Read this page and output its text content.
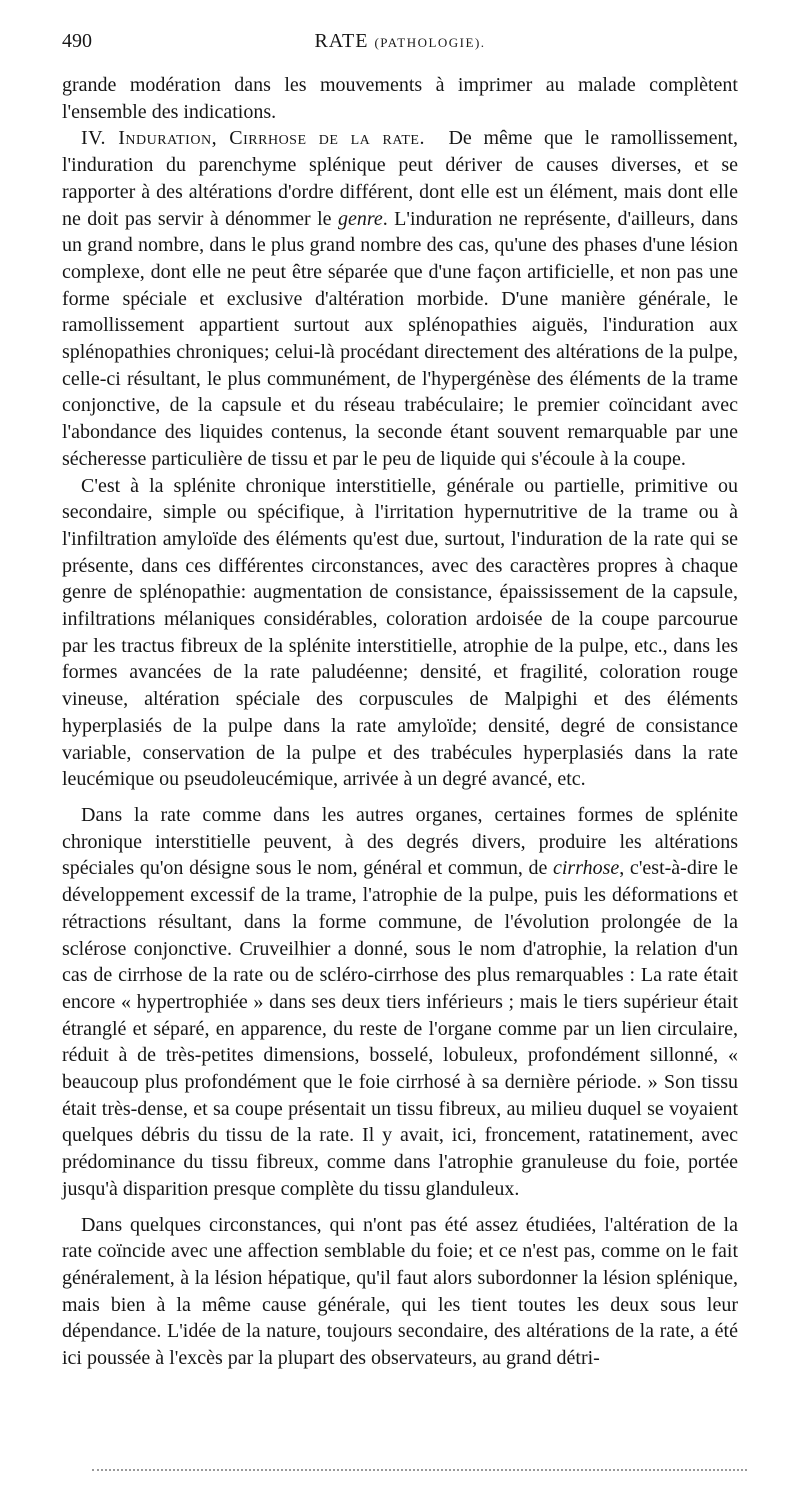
490	RATE (PATHOLOGIE).

grande modération dans les mouvements à imprimer au malade complètent l'ensemble des indications.

IV. Induration, Cirrhose de la rate. De même que le ramollissement, l'induration du parenchyme splénique peut dériver de causes diverses, et se rapporter à des altérations d'ordre différent, dont elle est un élément, mais dont elle ne doit pas servir à dénommer le genre. L'induration ne représente, d'ailleurs, dans un grand nombre, dans le plus grand nombre des cas, qu'une des phases d'une lésion complexe, dont elle ne peut être séparée que d'une façon artificielle, et non pas une forme spéciale et exclusive d'altération morbide. D'une manière générale, le ramollissement appartient surtout aux splénopathies aiguës, l'induration aux splénopathies chroniques; celui-là procédant directement des altérations de la pulpe, celle-ci résultant, le plus communément, de l'hypergénèse des éléments de la trame conjonctive, de la capsule et du réseau trabéculaire; le premier coïncidant avec l'abondance des liquides contenus, la seconde étant souvent remarquable par une sécheresse particulière de tissu et par le peu de liquide qui s'écoule à la coupe.

C'est à la splénite chronique interstitielle, générale ou partielle, primitive ou secondaire, simple ou spécifique, à l'irritation hypernutritive de la trame ou à l'infiltration amyloïde des éléments qu'est due, surtout, l'induration de la rate qui se présente, dans ces différentes circonstances, avec des caractères propres à chaque genre de splénopathie: augmentation de consistance, épaississement de la capsule, infiltrations mélaniques considérables, coloration ardoisée de la coupe parcourue par les tractus fibreux de la splénite interstitielle, atrophie de la pulpe, etc., dans les formes avancées de la rate paludéenne; densité, et fragilité, coloration rouge vineuse, altération spéciale des corpuscules de Malpighi et des éléments hyperplasiés de la pulpe dans la rate amyloïde; densité, degré de consistance variable, conservation de la pulpe et des trabécules hyperplasiés dans la rate leucémique ou pseudoleucémique, arrivée à un degré avancé, etc.

Dans la rate comme dans les autres organes, certaines formes de splénite chronique interstitielle peuvent, à des degrés divers, produire les altérations spéciales qu'on désigne sous le nom, général et commun, de cirrhose, c'est-à-dire le développement excessif de la trame, l'atrophie de la pulpe, puis les déformations et rétractions résultant, dans la forme commune, de l'évolution prolongée de la sclérose conjonctive. Cruveilhier a donné, sous le nom d'atrophie, la relation d'un cas de cirrhose de la rate ou de scléro-cirrhose des plus remarquables : La rate était encore « hypertrophiée » dans ses deux tiers inférieurs ; mais le tiers supérieur était étranglé et séparé, en apparence, du reste de l'organe comme par un lien circulaire, réduit à de très-petites dimensions, bosselé, lobuleux, profondément sillonné, « beaucoup plus profondément que le foie cirrhosé à sa dernière période. » Son tissu était très-dense, et sa coupe présentait un tissu fibreux, au milieu duquel se voyaient quelques débris du tissu de la rate. Il y avait, ici, froncement, ratatinement, avec prédominance du tissu fibreux, comme dans l'atrophie granuleuse du foie, portée jusqu'à disparition presque complète du tissu glanduleux.

Dans quelques circonstances, qui n'ont pas été assez étudiées, l'altération de la rate coïncide avec une affection semblable du foie; et ce n'est pas, comme on le fait généralement, à la lésion hépatique, qu'il faut alors subordonner la lésion splénique, mais bien à la même cause générale, qui les tient toutes les deux sous leur dépendance. L'idée de la nature, toujours secondaire, des altérations de la rate, a été ici poussée à l'excès par la plupart des observateurs, au grand détri-
